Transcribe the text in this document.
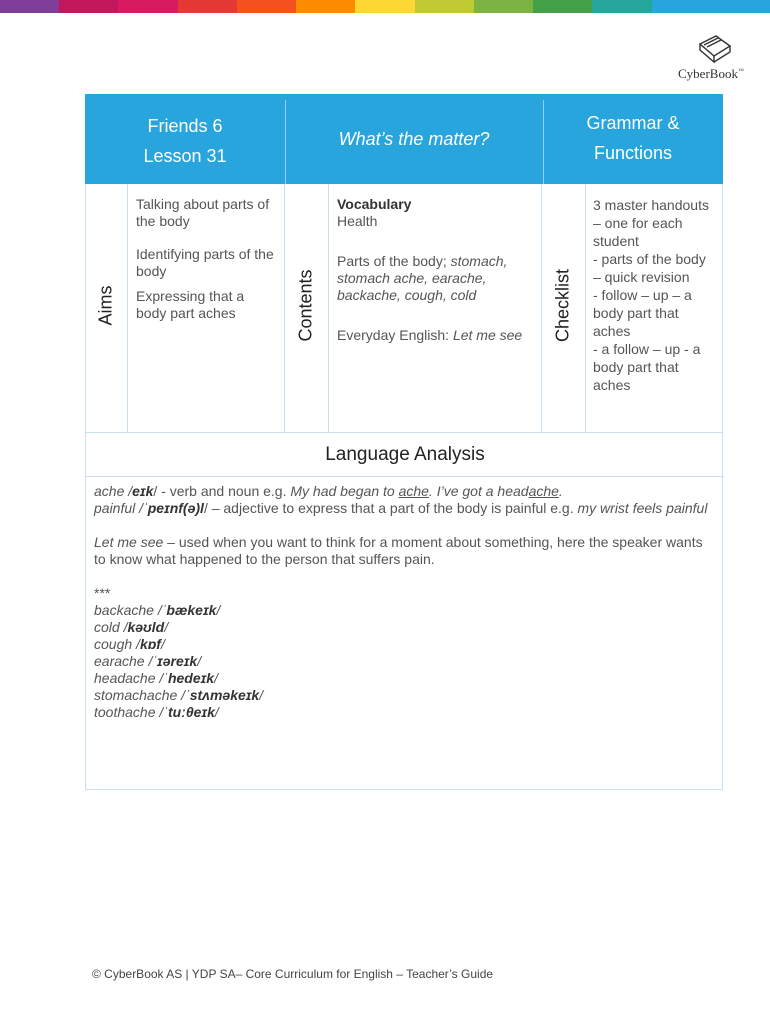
CyberBook™
Friends 6
Lesson 31
What’s the matter?
Grammar &
Functions
Aims	Contents	Checklist

Talking about parts of the body

Identifying parts of the body

Expressing that a body part aches

Vocabulary
Health

Parts of the body; stomach, stomach ache, earache, backache, cough, cold

Everyday English: Let me see

3 master handouts – one for each student
- parts of the body – quick revision
- follow – up – a body part that aches
- a follow – up - a body part that aches
Language Analysis

ache /eɪk/ - verb and noun e.g. My had began to ache. I’ve got a headache.

painful /ˈpeɪnf(ə)l/ – adjective to express that a part of the body is painful e.g. my wrist feels painful

Let me see – used when you want to think for a moment about something, here the speaker wants to know what happened to the person that suffers pain.

***

backache /ˈbækeɪk/
cold /kəʊld/
cough /kɒf/
earache /ˈɪəreɪk/
headache /ˈhedeɪk/
stomachache /ˈstʌməkeɪk/
toothache /ˈtuːθeɪk/
© CyberBook AS | YDP SA– Core Curriculum for English – Teacher’s Guide
